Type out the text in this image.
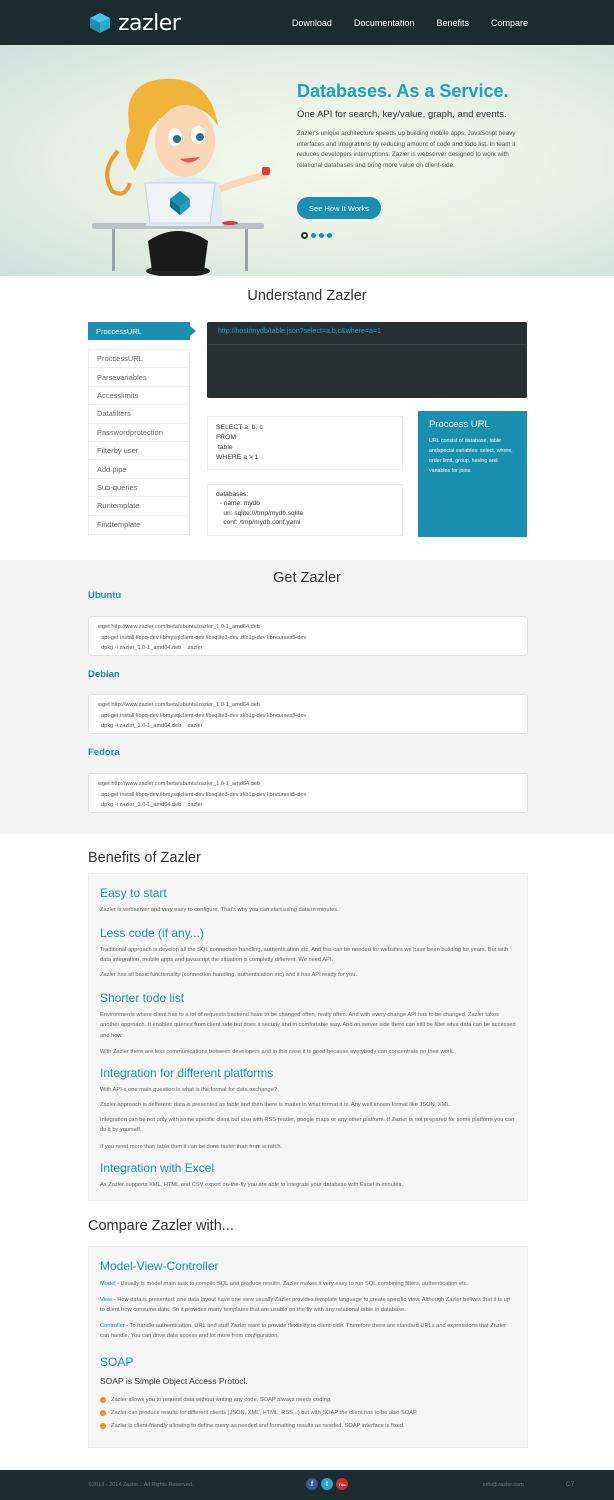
zazler	Download Documentation Benefits Compare
Databases. As a Service.
One API for search, key/value, graph, and events.
Zazler's unique architecture speeds up building mobile apps, JavaScript heavy interfaces and integrations by reducing amount of code and todo list. In team it reduces developers interruptions. Zazler is webserver designed to work with relational databases and bring more value on client-side.
See How It Works
Understand Zazler
ProccessURL
ProccessURL
Parsevariables
Accesslimits
Datafilters
Passwordprotection
Filterby user
Add pipe
Sub-queries
Runtemplate
Findtemplate
http://host/mydb/table.json?select=a,b,c&where=a=1
SELECT a, b, c
FROM
table
WHERE a > 1
databases:
- name: mydb
uri: sqlite:///tmp/mydb.sqlite
conf: /tmp/mydb.conf.yaml
Proccess URL
URL consist of database, table andspecial variables: select, where, order limit, group, having and variables for joins.
Get Zazler
Ubuntu
wget http://www.zazler.com/beta/ubuntu/zazler_1.0-1_amd64.deb
apt-get install libpq-dev libmysqlclient-dev libsqlite3-dev zlib1g-dev libncurses5-dev
dpkg -i zazler_1.0-1_amd64.deb    zazler
Debian
wget http://www.zazler.com/beta/ubuntu/zazler_1.0-1_amd64.deb
apt-get install libpq-dev libmysqlclient-dev libsqlite3-dev zlib1g-dev libncurses5-dev
dpkg -i zazler_1.0-1_amd64.deb    zazler
Fedora
wget http://www.zazler.com/beta/ubuntu/zazler_1.0-1_amd64.deb
apt-get install libpq-dev libmysqlclient-dev libsqlite3-dev zlib1g-dev libncurses5-dev
dpkg -i zazler_1.0-1_amd64.deb    zazler
Benefits of Zazler
Easy to start
Zazler is webserver and very easy to configure. That's why you can start using data in minutes.
Less code (if any...)
Traditional approach is develop all the SQL connection handling, authentication etc. And this can be needed for websites we have been building for years. But with data integration, mobile apps and javascript the situation is completly different. We need API.
Zazler has all basic functionality (connection handling, authentication etc) and it has API ready for you.
Shorter todo list
Environments where client has to a lot of requests backend have to be changed often, really often. And with every change API has to be changed. Zazler takes another approach. It enables queries from client side but does it securly and in comfortable way. And on server side there can still be filter what data can be accessed and how.
With Zazler there are less communications between developers and in this case it is good because everybody can concentrate on their work.
Integration for different platforms
With API-s one main question is what is the format for data exchange?
Zazler approach is defferent: data is presented as table and then there is matter in what format it is. Any well known format like JSON, XML.
Integration can be not only with some specific client but also with RSS reader, google maps or any other platform. If Zazler is not prepared for some platform you can do it by yourself.
If you need more than table then it can be done faster than from scratch.
Integration with Excel
As Zazler supports XML, HTML and CSV export on-the-fly you are able to integrate your database with Excel in minutes.
Compare Zazler with...
Model-View-Controller
Model - Usually is model main task to compile SQL and produce results. Zazler makes it very easy to run SQL combining filters, authentication etc.
View - How data is presented: one data layout have one view usually Zazler provides template language to create specific view. Although Zazler belives that it is up to client how consume data. So it provides many templates that are usable on the fly with any relational table in database.
Controller - To handle authentication, URL and stuff Zazler want to provide flexibility to client-side. Therefore there are standard URLs and expressions that Zazler can handle. You can drive data access and lot more from configuration.
SOAP
SOAP is Simple Object Access Protocl.
›	Zazler allows you to request data without writing any code. SOAP always needs coding.
›	Zazler can produce results for different clients (JSON, XML, HTML, RSS...) but with SOAP the client has to be also SOAP.
›	Zazler is client-friendly allowing to define query as needed and formatting results as needed. SOAP interface is fixed.
©2013 - 2014 Zazler... All Rights Reserved.	f	t	You	info@zazler.com	C7
